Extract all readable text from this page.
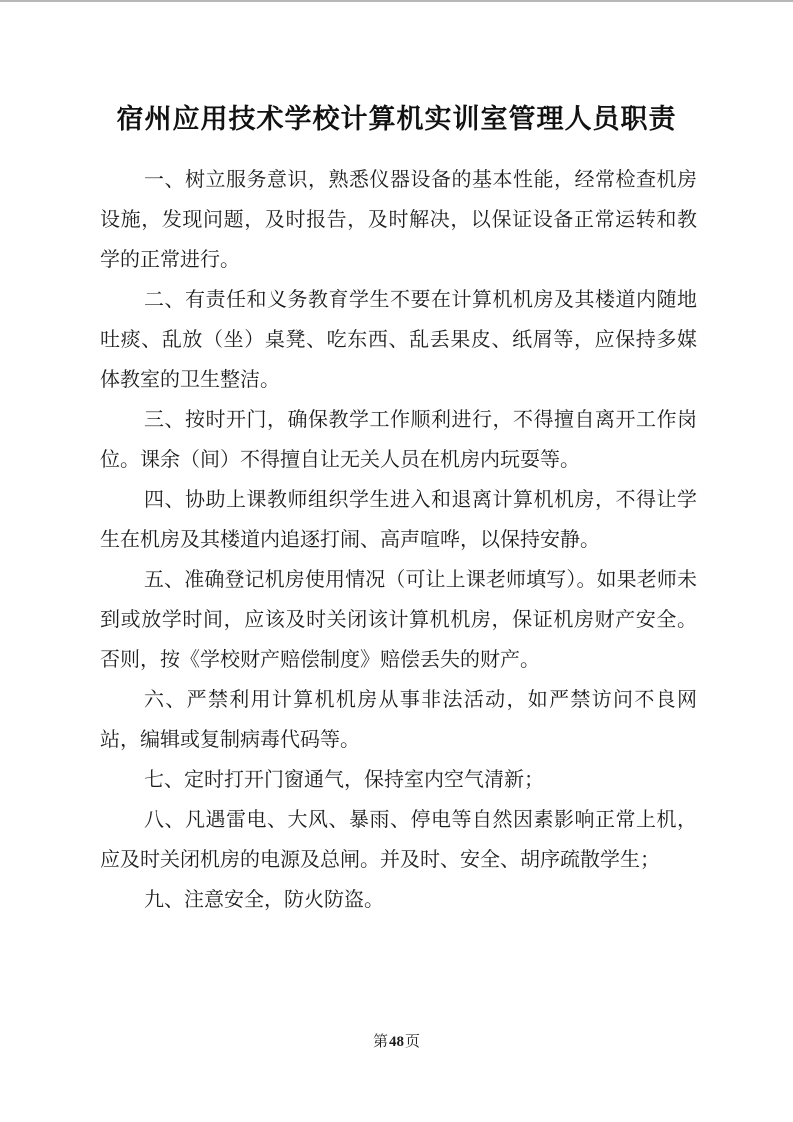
宿州应用技术学校计算机实训室管理人员职责

一、树立服务意识，熟悉仪器设备的基本性能，经常检查机房设施，发现问题，及时报告，及时解决，以保证设备正常运转和教学的正常进行。

二、有责任和义务教育学生不要在计算机机房及其楼道内随地吐痰、乱放（坐）桌凳、吃东西、乱丢果皮、纸屑等，应保持多媒体教室的卫生整洁。

三、按时开门，确保教学工作顺利进行，不得擅自离开工作岗位。课余（间）不得擅自让无关人员在机房内玩耍等。

四、协助上课教师组织学生进入和退离计算机机房，不得让学生在机房及其楼道内追逐打闹、高声喧哗，以保持安静。

五、准确登记机房使用情况（可让上课老师填写）。如果老师未到或放学时间，应该及时关闭该计算机机房，保证机房财产安全。否则，按《学校财产赔偿制度》赔偿丢失的财产。

六、严禁利用计算机机房从事非法活动，如严禁访问不良网站，编辑或复制病毒代码等。

七、定时打开门窗通气，保持室内空气清新；

八、凡遇雷电、大风、暴雨、停电等自然因素影响正常上机，应及时关闭机房的电源及总闸。并及时、安全、胡序疏散学生；

九、注意安全，防火防盗。

第48页
